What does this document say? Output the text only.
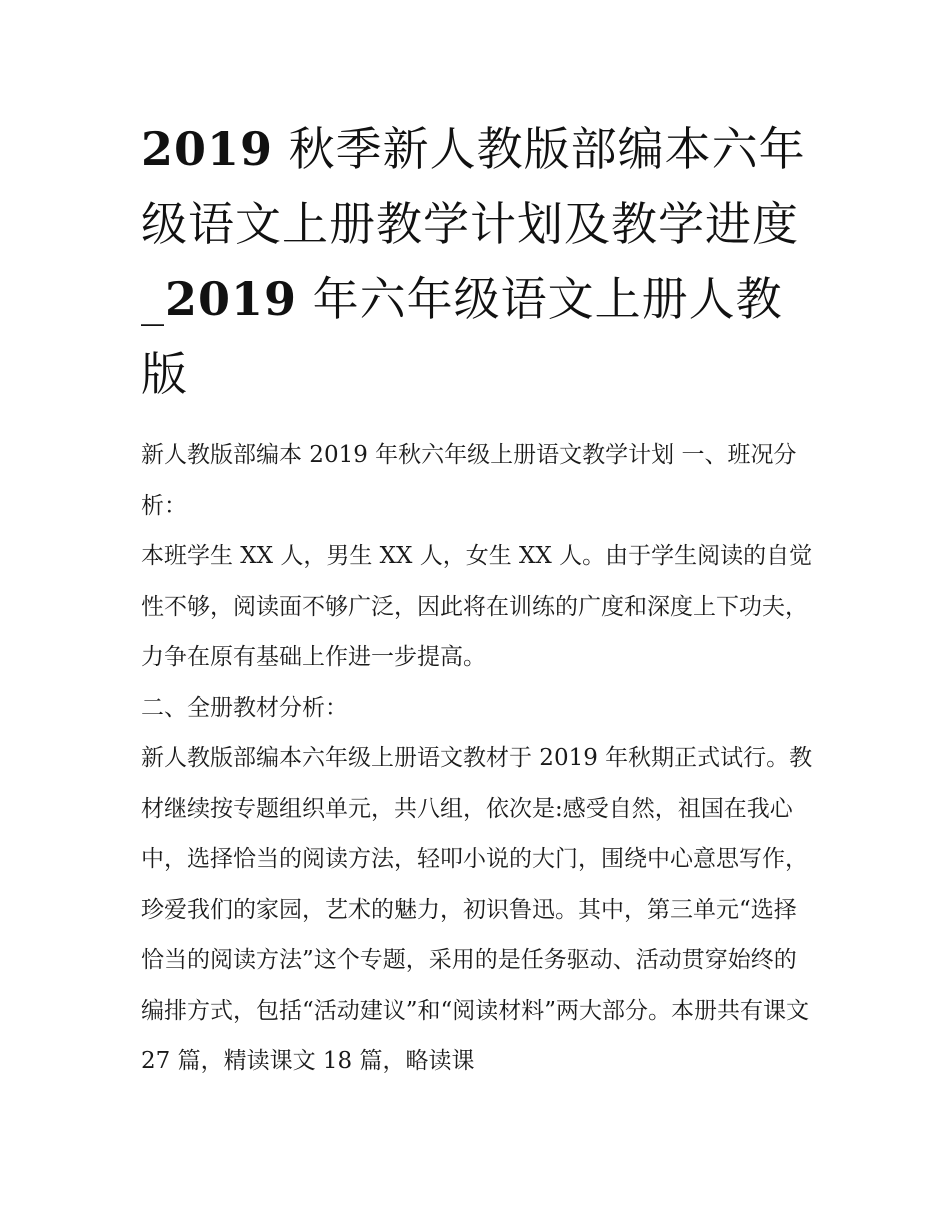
2019 秋季新人教版部编本六年级语文上册教学计划及教学进度_2019 年六年级语文上册人教版

新人教版部编本 2019 年秋六年级上册语文教学计划 一、班况分析：

本班学生 XX 人，男生 XX 人，女生 XX 人。由于学生阅读的自觉性不够，阅读面不够广泛，因此将在训练的广度和深度上下功夫，力争在原有基础上作进一步提高。

二、全册教材分析：

新人教版部编本六年级上册语文教材于 2019 年秋期正式试行。教材继续按专题组织单元，共八组，依次是:感受自然，祖国在我心中，选择恰当的阅读方法，轻叩小说的大门，围绕中心意思写作，珍爱我们的家园，艺术的魅力，初识鲁迅。其中，第三单元“选择恰当的阅读方法”这个专题，采用的是任务驱动、活动贯穿始终的编排方式，包括“活动建议”和“阅读材料”两大部分。本册共有课文 27 篇，精读课文 18 篇，略读课
